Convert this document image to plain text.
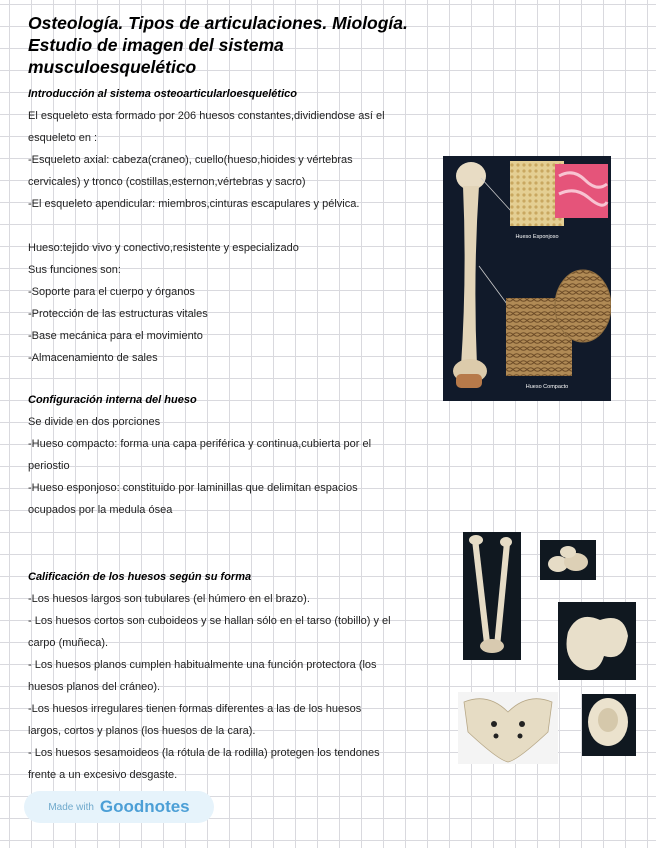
Osteología. Tipos de articulaciones. Miología.
Estudio de imagen del sistema
musculoesquelético

Introducción al sistema osteoarticularloesquelético

El esqueleto esta formado por 206 huesos constantes,dividiendose así el

esqueleto en :

-Esqueleto axial: cabeza(craneo), cuello(hueso,hioides y vértebras

cervicales) y tronco (costillas,esternon,vértebras y sacro)

-El esqueleto apendicular: miembros,cinturas escapulares y pélvica.

Hueso:tejido vivo y conectivo,resistente y especializado

Sus funciones son:

-Soporte para el cuerpo y órganos

-Protección de las estructuras vitales

-Base mecánica para el movimiento

-Almacenamiento de sales

Configuración interna del hueso

Se divide en dos porciones

-Hueso compacto: forma una capa periférica y continua,cubierta por el

periostio

-Hueso esponjoso: constituido por laminillas que delimitan espacios

ocupados por la medula ósea

Calificación de los huesos según su forma

-Los huesos largos son tubulares (el húmero en el brazo).

- Los huesos cortos son cuboideos y se hallan sólo en el tarso (tobillo) y el

carpo (muñeca).

- Los huesos planos cumplen habitualmente una función protectora (los

huesos planos del cráneo).

-Los huesos irregulares tienen formas diferentes a las de los huesos

largos, cortos y planos (los huesos de la cara).

- Los huesos sesamoideos (la rótula de la rodilla) protegen los tendones

frente a un excesivo desgaste.

Hueso Esponjoso
Hueso Compacto
Made with Goodnotes
